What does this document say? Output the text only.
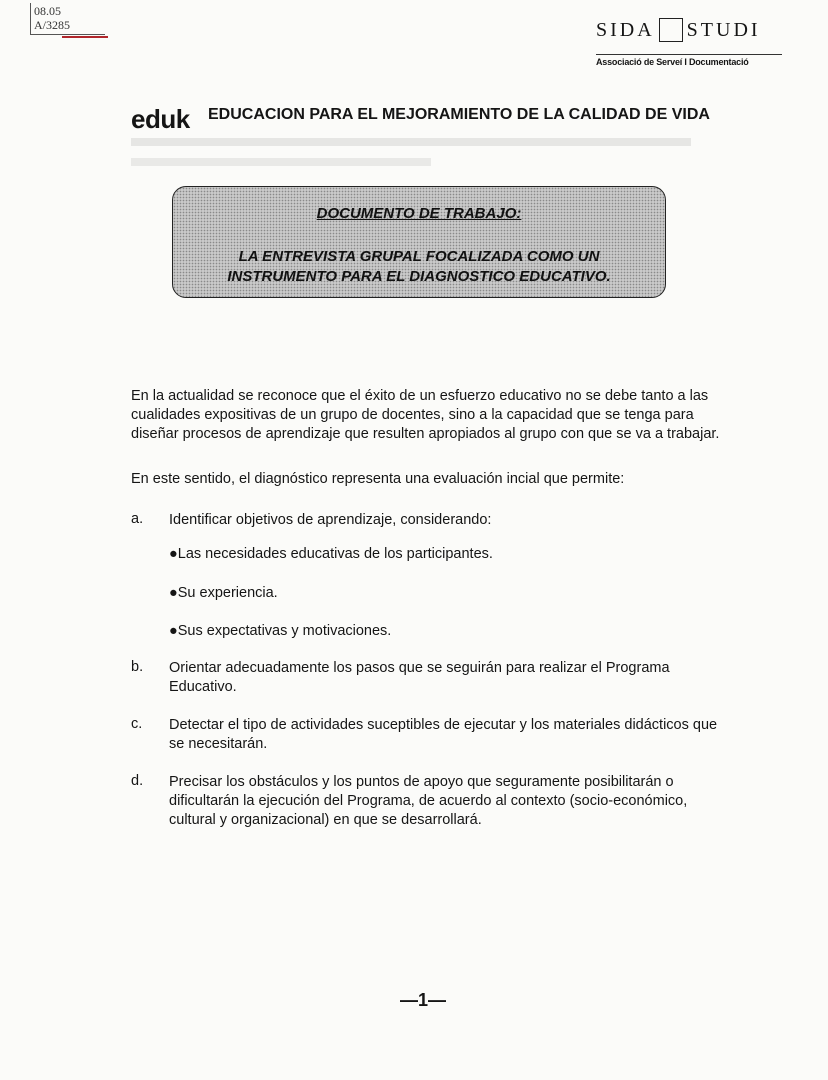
08.05
A/3285	SIDA STUDI
Associació de Serveí I Documentació
eduk EDUCACION PARA EL MEJORAMIENTO DE LA CALIDAD DE VIDA
DOCUMENTO DE TRABAJO:
LA ENTREVISTA GRUPAL FOCALIZADA COMO UN
INSTRUMENTO PARA EL DIAGNOSTICO EDUCATIVO.
En la actualidad se reconoce que el éxito de un esfuerzo educativo no se debe tanto a las cualidades expositivas de un grupo de docentes, sino a la capacidad que se tenga para diseñar procesos de aprendizaje que resulten apropiados al grupo con que se va a trabajar.
En este sentido, el diagnóstico representa una evaluación incial que permite:
a. Identificar objetivos de aprendizaje, considerando:
●Las necesidades educativas de los participantes.
●Su experiencia.
●Sus expectativas y motivaciones.
b. Orientar adecuadamente los pasos que se seguirán para realizar el Programa Educativo.
c. Detectar el tipo de actividades suceptibles de ejecutar y los materiales didácticos que se necesitarán.
d. Precisar los obstáculos y los puntos de apoyo que seguramente posibilitarán o dificultarán la ejecución del Programa, de acuerdo al contexto (socio-económico, cultural y organizacional) en que se desarrollará.
—1—
